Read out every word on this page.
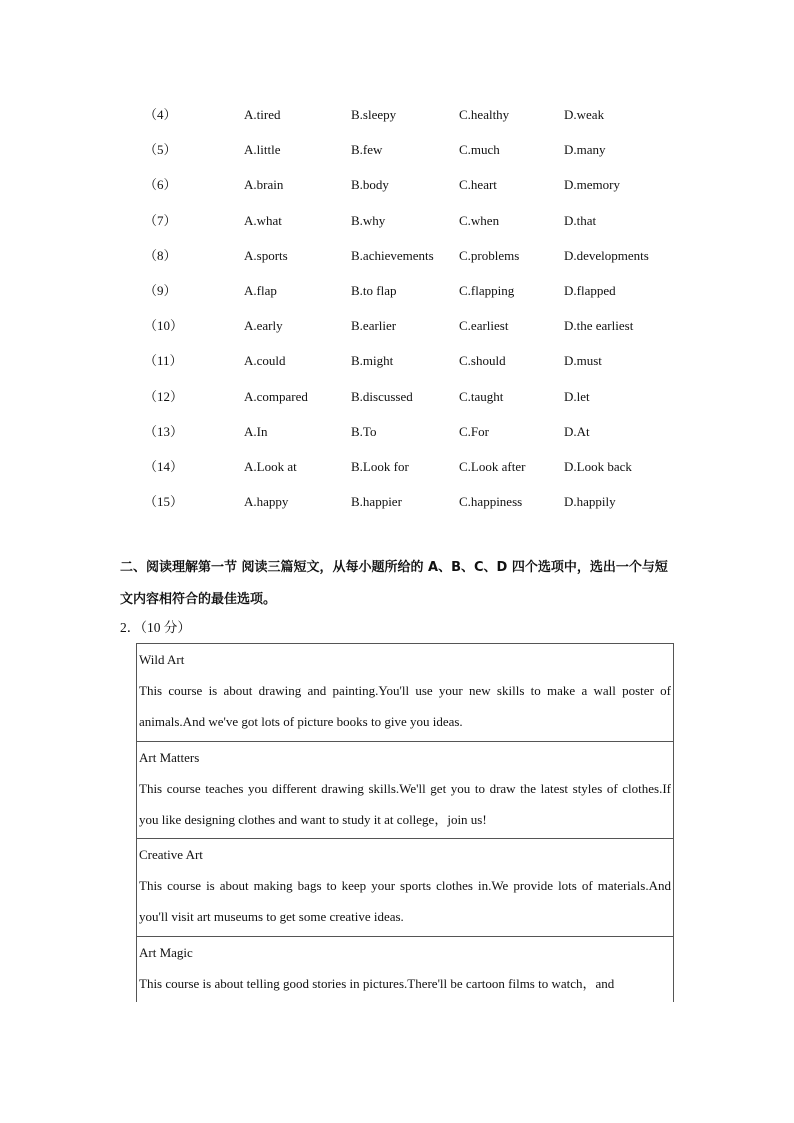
（4）	A.tired	B.sleepy	C.healthy	D.weak
（5）	A.little	B.few	C.much	D.many
（6）	A.brain	B.body	C.heart	D.memory
（7）	A.what	B.why	C.when	D.that
（8）	A.sports	B.achievements C.problems	D.developments
（9）	A.flap	B.to flap	C.flapping	D.flapped
（10）	A.early	B.earlier	C.earliest	D.the earliest
（11）	A.could	B.might	C.should	D.must
（12）	A.compared	B.discussed	C.taught	D.let
（13）	A.In	B.To	C.For	D.At
（14）	A.Look at	B.Look for	C.Look after	D.Look back
（15）	A.happy	B.happier	C.happiness	D.happily

二、阅读理解第一节 阅读三篇短文，从每小题所给的 A、B、C、D 四个选项中，选出一个与短文内容相符合的最佳选项。

2．（10 分）
Wild Art
This course is about drawing and painting.You'll use your new skills to make a wall poster of animals.And we've got lots of picture books to give you ideas.
Art Matters
This course teaches you different drawing skills.We'll get you to draw the latest styles of clothes.If you like designing clothes and want to study it at college，join us!
Creative Art
This course is about making bags to keep your sports clothes in.We provide lots of materials.And you'll visit art museums to get some creative ideas.
Art Magic
This course is about telling good stories in pictures.There'll be cartoon films to watch，and
